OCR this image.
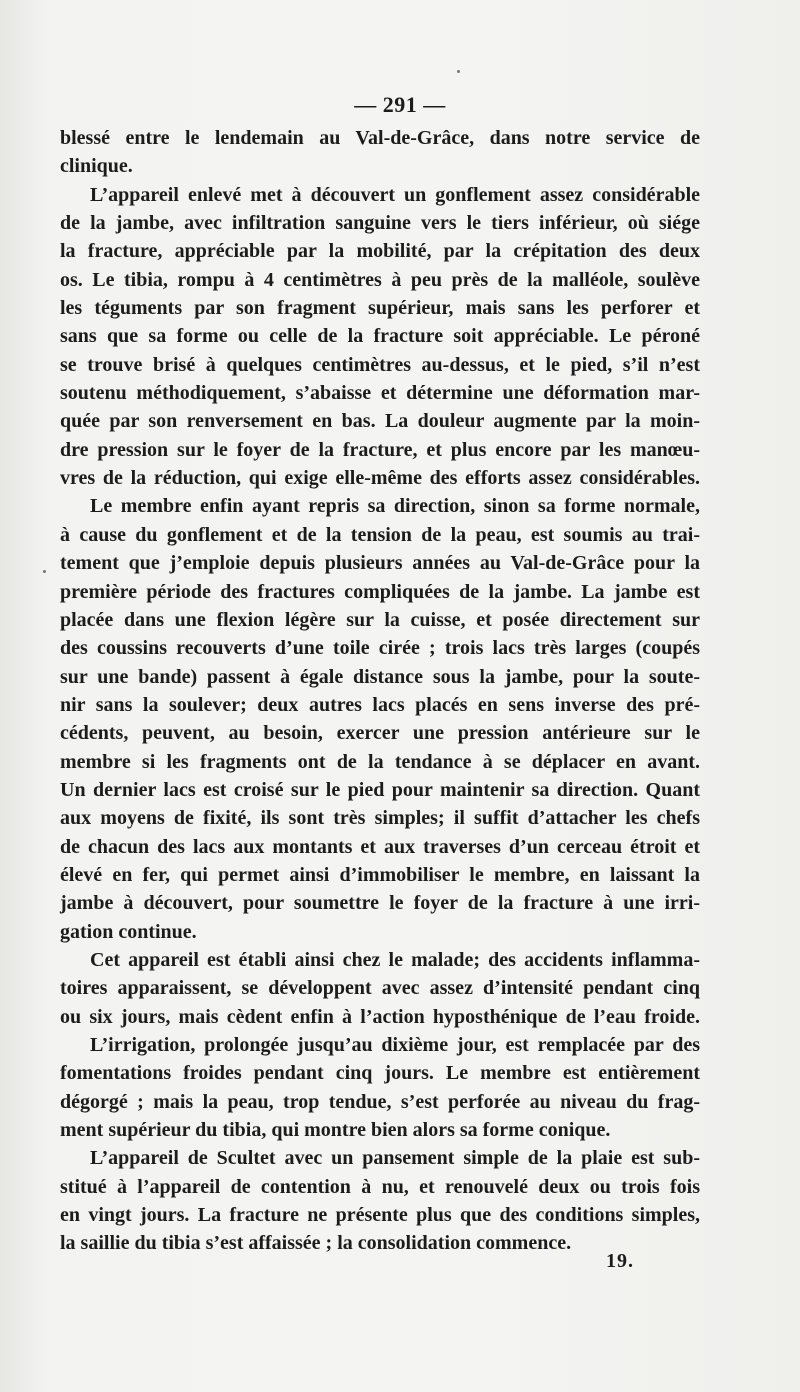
— 291 —

blessé entre le lendemain au Val-de-Grâce, dans notre service de
clinique.

L’appareil enlevé met à découvert un gonflement assez considérable
de la jambe, avec infiltration sanguine vers le tiers inférieur, où siége
la fracture, appréciable par la mobilité, par la crépitation des deux
os. Le tibia, rompu à 4 centimètres à peu près de la malléole, soulève
les téguments par son fragment supérieur, mais sans les perforer et
sans que sa forme ou celle de la fracture soit appréciable. Le péroné
se trouve brisé à quelques centimètres au-dessus, et le pied, s’il n’est
soutenu méthodiquement, s’abaisse et détermine une déformation mar-
quée par son renversement en bas. La douleur augmente par la moin-
dre pression sur le foyer de la fracture, et plus encore par les manœu-
vres de la réduction, qui exige elle-même des efforts assez considérables.

Le membre enfin ayant repris sa direction, sinon sa forme normale,
à cause du gonflement et de la tension de la peau, est soumis au trai-
tement que j’emploie depuis plusieurs années au Val-de-Grâce pour la
première période des fractures compliquées de la jambe. La jambe est
placée dans une flexion légère sur la cuisse, et posée directement sur
des coussins recouverts d’une toile cirée ; trois lacs très larges (coupés
sur une bande) passent à égale distance sous la jambe, pour la soute-
nir sans la soulever; deux autres lacs placés en sens inverse des pré-
cédents, peuvent, au besoin, exercer une pression antérieure sur le
membre si les fragments ont de la tendance à se déplacer en avant.
Un dernier lacs est croisé sur le pied pour maintenir sa direction. Quant
aux moyens de fixité, ils sont très simples; il suffit d’attacher les chefs
de chacun des lacs aux montants et aux traverses d’un cerceau étroit et
élevé en fer, qui permet ainsi d’immobiliser le membre, en laissant la
jambe à découvert, pour soumettre le foyer de la fracture à une irri-
gation continue.

Cet appareil est établi ainsi chez le malade; des accidents inflamma-
toires apparaissent, se développent avec assez d’intensité pendant cinq
ou six jours, mais cèdent enfin à l’action hyposthénique de l’eau froide.

L’irrigation, prolongée jusqu’au dixième jour, est remplacée par des
fomentations froides pendant cinq jours. Le membre est entièrement
dégorgé ; mais la peau, trop tendue, s’est perforée au niveau du frag-
ment supérieur du tibia, qui montre bien alors sa forme conique.

L’appareil de Scultet avec un pansement simple de la plaie est sub-
stitué à l’appareil de contention à nu, et renouvelé deux ou trois fois
en vingt jours. La fracture ne présente plus que des conditions simples,
la saillie du tibia s’est affaissée ; la consolidation commence.

19.
